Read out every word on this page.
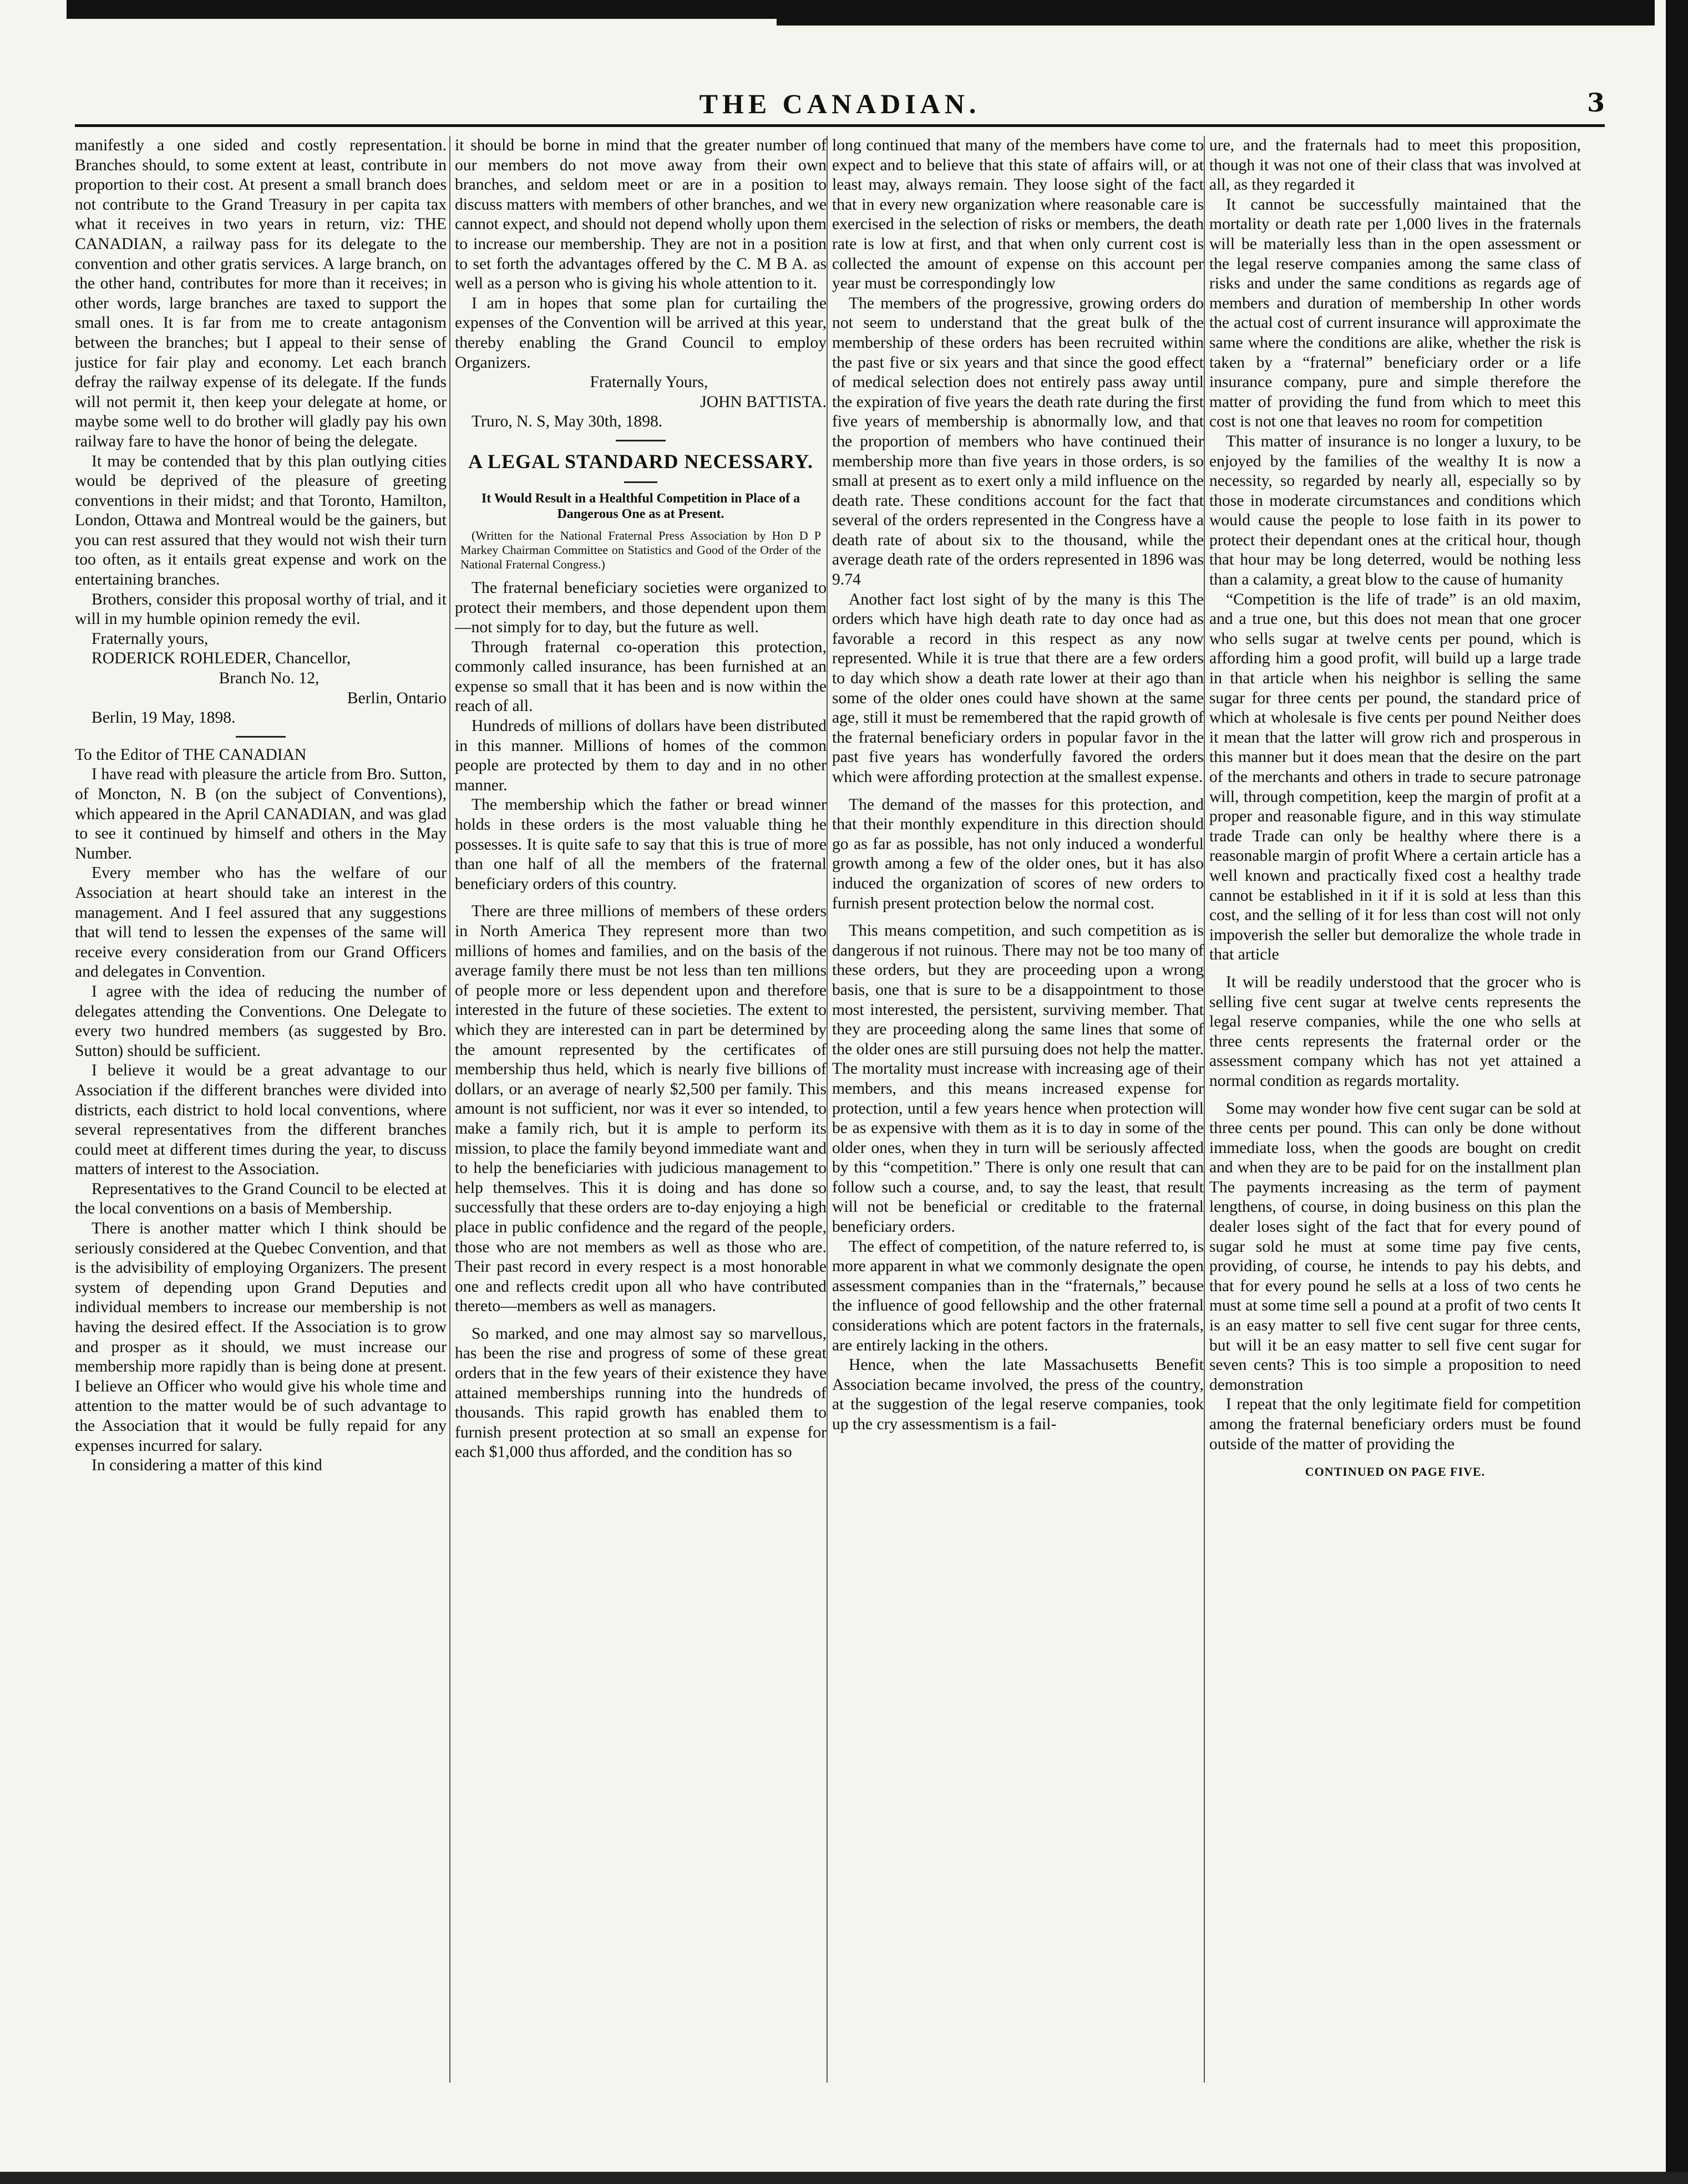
THE CANADIAN.	3

manifestly a one sided and costly representation. Branches should, to some extent at least, contribute in proportion to their cost. At present a small branch does not contribute to the Grand Treasury in per capita tax what it receives in two years in return, viz: THE CANADIAN, a railway pass for its delegate to the convention and other gratis services. A large branch, on the other hand, contributes for more than it receives; in other words, large branches are taxed to support the small ones. It is far from me to create antagonism between the branches; but I appeal to their sense of justice for fair play and economy. Let each branch defray the railway expense of its delegate. If the funds will not permit it, then keep your delegate at home, or maybe some well to do brother will gladly pay his own railway fare to have the honor of being the delegate.

It may be contended that by this plan outlying cities would be deprived of the pleasure of greeting conventions in their midst; and that Toronto, Hamilton, London, Ottawa and Montreal would be the gainers, but you can rest assured that they would not wish their turn too often, as it entails great expense and work on the entertaining branches.

Brothers, consider this proposal worthy of trial, and it will in my humble opinion remedy the evil.

Fraternally yours,

RODERICK ROHLEDER, Chancellor,

Branch No. 12,

Berlin, Ontario

Berlin, 19 May, 1898.

To the Editor of THE CANADIAN

I have read with pleasure the article from Bro. Sutton, of Moncton, N. B (on the subject of Conventions), which appeared in the April CANADIAN, and was glad to see it continued by himself and others in the May Number.

Every member who has the welfare of our Association at heart should take an interest in the management. And I feel assured that any suggestions that will tend to lessen the expenses of the same will receive every consideration from our Grand Officers and delegates in Convention.

I agree with the idea of reducing the number of delegates attending the Conventions. One Delegate to every two hundred members (as suggested by Bro. Sutton) should be sufficient.

I believe it would be a great advantage to our Association if the different branches were divided into districts, each district to hold local conventions, where several representatives from the different branches could meet at different times during the year, to discuss matters of interest to the Association.

Representatives to the Grand Council to be elected at the local conventions on a basis of Membership.

There is another matter which I think should be seriously considered at the Quebec Convention, and that is the advisibility of employing Organizers. The present system of depending upon Grand Deputies and individual members to increase our membership is not having the desired effect. If the Association is to grow and prosper as it should, we must increase our membership more rapidly than is being done at present. I believe an Officer who would give his whole time and attention to the matter would be of such advantage to the Association that it would be fully repaid for any expenses incurred for salary.

In considering a matter of this kind

it should be borne in mind that the greater number of our members do not move away from their own branches, and seldom meet or are in a position to discuss matters with members of other branches, and we cannot expect, and should not depend wholly upon them to increase our membership. They are not in a position to set forth the advantages offered by the C. M B A. as well as a person who is giving his whole attention to it.

I am in hopes that some plan for curtailing the expenses of the Convention will be arrived at this year, thereby enabling the Grand Council to employ Organizers.

Fraternally Yours,

JOHN BATTISTA.

Truro, N. S, May 30th, 1898.

A LEGAL STANDARD NECESSARY.
It Would Result in a Healthful Competition in Place of a Dangerous One as at Present.
(Written for the National Fraternal Press Association by Hon D P Markey Chairman Committee on Statistics and Good of the Order of the National Fraternal Congress.)

The fraternal beneficiary societies were organized to protect their members, and those dependent upon them—not simply for to day, but the future as well.

Through fraternal co-operation this protection, commonly called insurance, has been furnished at an expense so small that it has been and is now within the reach of all.

Hundreds of millions of dollars have been distributed in this manner. Millions of homes of the common people are protected by them to day and in no other manner.

The membership which the father or bread winner holds in these orders is the most valuable thing he possesses. It is quite safe to say that this is true of more than one half of all the members of the fraternal beneficiary orders of this country.

There are three millions of members of these orders in North America They represent more than two millions of homes and families, and on the basis of the average family there must be not less than ten millions of people more or less dependent upon and therefore interested in the future of these societies. The extent to which they are interested can in part be determined by the amount represented by the certificates of membership thus held, which is nearly five billions of dollars, or an average of nearly $2,500 per family. This amount is not sufficient, nor was it ever so intended, to make a family rich, but it is ample to perform its mission, to place the family beyond immediate want and to help the beneficiaries with judicious management to help themselves. This it is doing and has done so successfully that these orders are to-day enjoying a high place in public confidence and the regard of the people, those who are not members as well as those who are. Their past record in every respect is a most honorable one and reflects credit upon all who have contributed thereto—members as well as managers.

So marked, and one may almost say so marvellous, has been the rise and progress of some of these great orders that in the few years of their existence they have attained memberships running into the hundreds of thousands. This rapid growth has enabled them to furnish present protection at so small an expense for each $1,000 thus afforded, and the condition has so

long continued that many of the members have come to expect and to believe that this state of affairs will, or at least may, always remain. They loose sight of the fact that in every new organization where reasonable care is exercised in the selection of risks or members, the death rate is low at first, and that when only current cost is collected the amount of expense on this account per year must be correspondingly low

The members of the progressive, growing orders do not seem to understand that the great bulk of the membership of these orders has been recruited within the past five or six years and that since the good effect of medical selection does not entirely pass away until the expiration of five years the death rate during the first five years of membership is abnormally low, and that the proportion of members who have continued their membership more than five years in those orders, is so small at present as to exert only a mild influence on the death rate. These conditions account for the fact that several of the orders represented in the Congress have a death rate of about six to the thousand, while the average death rate of the orders represented in 1896 was 9.74

Another fact lost sight of by the many is this The orders which have high death rate to day once had as favorable a record in this respect as any now represented. While it is true that there are a few orders to day which show a death rate lower at their ago than some of the older ones could have shown at the same age, still it must be remembered that the rapid growth of the fraternal beneficiary orders in popular favor in the past five years has wonderfully favored the orders which were affording protection at the smallest expense.

The demand of the masses for this protection, and that their monthly expenditure in this direction should go as far as possible, has not only induced a wonderful growth among a few of the older ones, but it has also induced the organization of scores of new orders to furnish present protection below the normal cost.

This means competition, and such competition as is dangerous if not ruinous. There may not be too many of these orders, but they are proceeding upon a wrong basis, one that is sure to be a disappointment to those most interested, the persistent, surviving member. That they are proceeding along the same lines that some of the older ones are still pursuing does not help the matter. The mortality must increase with increasing age of their members, and this means increased expense for protection, until a few years hence when protection will be as expensive with them as it is to day in some of the older ones, when they in turn will be seriously affected by this “competition.” There is only one result that can follow such a course, and, to say the least, that result will not be beneficial or creditable to the fraternal beneficiary orders.

The effect of competition, of the nature referred to, is more apparent in what we commonly designate the open assessment companies than in the “fraternals,” because the influence of good fellowship and the other fraternal considerations which are potent factors in the fraternals, are entirely lacking in the others.

Hence, when the late Massachusetts Benefit Association became involved, the press of the country, at the suggestion of the legal reserve companies, took up the cry assessmentism is a fail-

ure, and the fraternals had to meet this proposition, though it was not one of their class that was involved at all, as they regarded it

It cannot be successfully maintained that the mortality or death rate per 1,000 lives in the fraternals will be materially less than in the open assessment or the legal reserve companies among the same class of risks and under the same conditions as regards age of members and duration of membership In other words the actual cost of current insurance will approximate the same where the conditions are alike, whether the risk is taken by a “fraternal” beneficiary order or a life insurance company, pure and simple therefore the matter of providing the fund from which to meet this cost is not one that leaves no room for competition

This matter of insurance is no longer a luxury, to be enjoyed by the families of the wealthy It is now a necessity, so regarded by nearly all, especially so by those in moderate circumstances and conditions which would cause the people to lose faith in its power to protect their dependant ones at the critical hour, though that hour may be long deterred, would be nothing less than a calamity, a great blow to the cause of humanity

“Competition is the life of trade” is an old maxim, and a true one, but this does not mean that one grocer who sells sugar at twelve cents per pound, which is affording him a good profit, will build up a large trade in that article when his neighbor is selling the same sugar for three cents per pound, the standard price of which at wholesale is five cents per pound Neither does it mean that the latter will grow rich and prosperous in this manner but it does mean that the desire on the part of the merchants and others in trade to secure patronage will, through competition, keep the margin of profit at a proper and reasonable figure, and in this way stimulate trade Trade can only be healthy where there is a reasonable margin of profit Where a certain article has a well known and practically fixed cost a healthy trade cannot be established in it if it is sold at less than this cost, and the selling of it for less than cost will not only impoverish the seller but demoralize the whole trade in that article

It will be readily understood that the grocer who is selling five cent sugar at twelve cents represents the legal reserve companies, while the one who sells at three cents represents the fraternal order or the assessment company which has not yet attained a normal condition as regards mortality.

Some may wonder how five cent sugar can be sold at three cents per pound. This can only be done without immediate loss, when the goods are bought on credit and when they are to be paid for on the installment plan The payments increasing as the term of payment lengthens, of course, in doing business on this plan the dealer loses sight of the fact that for every pound of sugar sold he must at some time pay five cents, providing, of course, he intends to pay his debts, and that for every pound he sells at a loss of two cents he must at some time sell a pound at a profit of two cents It is an easy matter to sell five cent sugar for three cents, but will it be an easy matter to sell five cent sugar for seven cents? This is too simple a proposition to need demonstration

I repeat that the only legitimate field for competition among the fraternal beneficiary orders must be found outside of the matter of providing the

CONTINUED ON PAGE FIVE.
